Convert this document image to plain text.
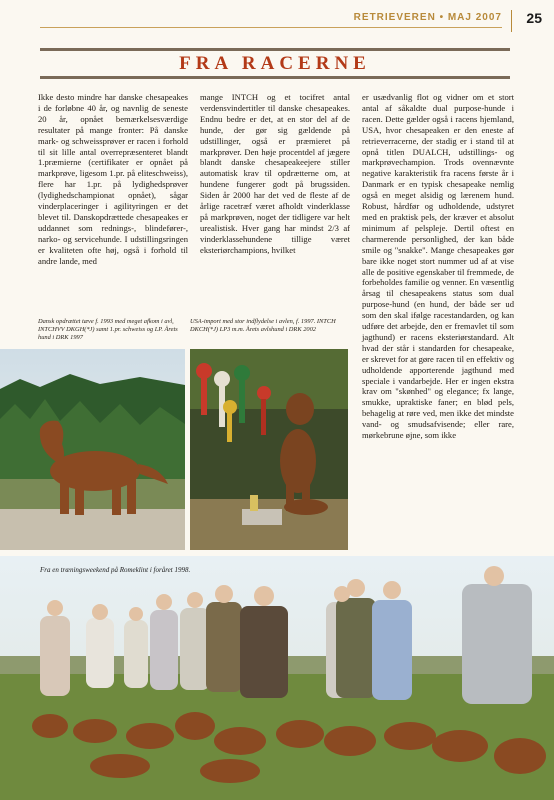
RETRIEVEREN • MAJ 2007 25
FRA RACERNE

Ikke desto mindre har danske chesapeakes i de forløbne 40 år, og navnlig de seneste 20 år, opnået bemærkelsesværdige resultater på mange fronter: På danske mark- og schweissprøver er racen i forhold til sit lille antal overrepræsenteret blandt 1.præmierne (certifikater er opnået på markprøve, ligesom 1.pr. på eliteschweiss), flere har 1.pr. på lydighedsprøver (lydighedschampionat opnået), sågar vinderplaceringer i agilityringen er det blevet til. Danskopdrættede chesapeakes er uddannet som rednings-, blindefører-, narko- og servicehunde. I udstillingsringen er kvaliteten ofte høj, også i forhold til andre lande, med

mange INTCH og et tocifret antal verdensvindertitler til danske chesapeakes. Endnu bedre er det, at en stor del af de hunde, der gør sig gældende på udstillinger, også er præmieret på markprøver. Den høje procentdel af jægere blandt danske chesapeakeejere stiller automatisk krav til opdrætterne om, at hundene fungerer godt på brugssiden. Siden år 2000 har det ved de fleste af de årlige racetræf været afholdt vinderklasse på markprøven, noget der tidligere var helt urealistisk. Hver gang har mindst 2/3 af vinderklassehundene tillige været eksteriørchampions, hvilket

er usædvanlig flot og vidner om et stort antal af såkaldte dual purpose-hunde i racen. Dette gælder også i racens hjemland, USA, hvor chesapeaken er den eneste af retrieverracerne, der stadig er i stand til at opnå titlen DUALCH, udstillings- og markprøvechampion. Trods ovennævnte negative karakteristik fra racens første år i Danmark er en typisk chesapeake nemlig også en meget alsidig og lærenem hund. Robust, hårdfør og udholdende, udstyret med en praktisk pels, der kræver et absolut minimum af pelspleje. Dertil oftest en charmerende personlighed, der kan både smile og "snakke". Mange chesapeakes gør bare ikke noget stort nummer ud af at vise alle de positive egenskaber til fremmede, de forbeholdes familie og venner. En væsentlig årsag til chesapeakens status som dual purpose-hund (en hund, der både ser ud som den skal ifølge racestandarden, og kan udføre det arbejde, den er fremavlet til som jagthund) er racens eksteriørstandard. Alt hvad der står i standarden for chesapeake, er skrevet for at gøre racen til en effektiv og udholdende apporterende jagthund med speciale i vandarbejde. Her er ingen ekstra krav om "skønhed" og elegance; fx lange, smukke, upraktiske faner; en blød pels, behagelig at røre ved, men ikke det mindste vand- og smudsafvisende; eller rare, mørkebrune øjne, som ikke

Dansk opdrættet tæve f. 1993 med meget afkom i avl, INTCHVV DKGH(*J) samt 1.pr. schweiss og LP. Årets hund i DRK 1997
USA-import med stor indflydelse i avlen, f. 1997. INTCH DKCH(*J) LP3 m.m. Årets avlshund i DRK 2002
Fra en træningsweekend på Romeklint i foråret 1998.
